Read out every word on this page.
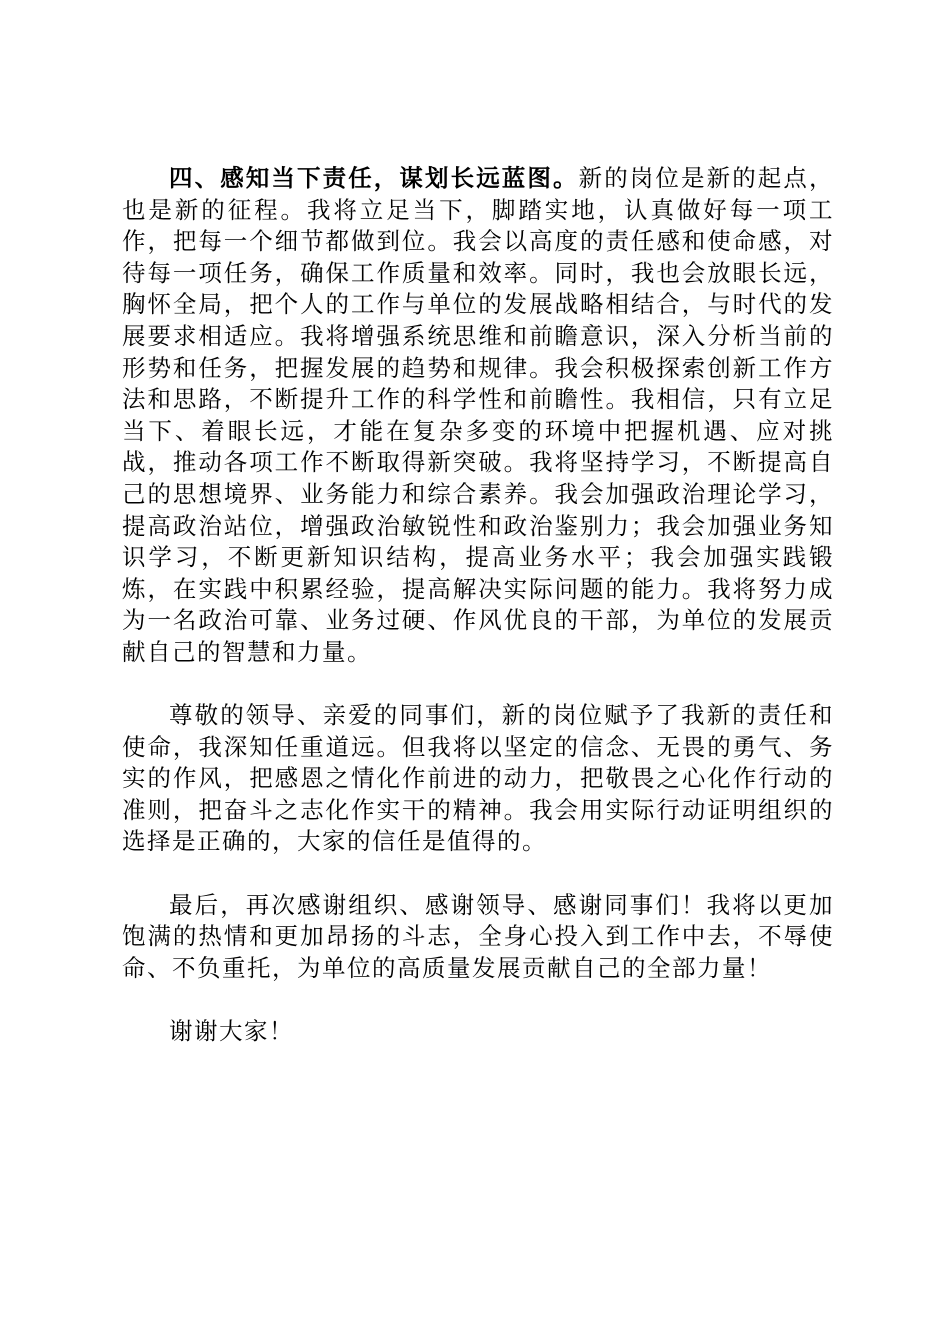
四、感知当下责任，谋划长远蓝图。新的岗位是新的起点，也是新的征程。我将立足当下，脚踏实地，认真做好每一项工作，把每一个细节都做到位。我会以高度的责任感和使命感，对待每一项任务，确保工作质量和效率。同时，我也会放眼长远，胸怀全局，把个人的工作与单位的发展战略相结合，与时代的发展要求相适应。我将增强系统思维和前瞻意识，深入分析当前的形势和任务，把握发展的趋势和规律。我会积极探索创新工作方法和思路，不断提升工作的科学性和前瞻性。我相信，只有立足当下、着眼长远，才能在复杂多变的环境中把握机遇、应对挑战，推动各项工作不断取得新突破。我将坚持学习，不断提高自己的思想境界、业务能力和综合素养。我会加强政治理论学习，提高政治站位，增强政治敏锐性和政治鉴别力；我会加强业务知识学习，不断更新知识结构，提高业务水平；我会加强实践锻炼，在实践中积累经验，提高解决实际问题的能力。我将努力成为一名政治可靠、业务过硬、作风优良的干部，为单位的发展贡献自己的智慧和力量。

尊敬的领导、亲爱的同事们，新的岗位赋予了我新的责任和使命，我深知任重道远。但我将以坚定的信念、无畏的勇气、务实的作风，把感恩之情化作前进的动力，把敬畏之心化作行动的准则，把奋斗之志化作实干的精神。我会用实际行动证明组织的选择是正确的，大家的信任是值得的。

最后，再次感谢组织、感谢领导、感谢同事们！我将以更加饱满的热情和更加昂扬的斗志，全身心投入到工作中去，不辱使命、不负重托，为单位的高质量发展贡献自己的全部力量！

谢谢大家！
